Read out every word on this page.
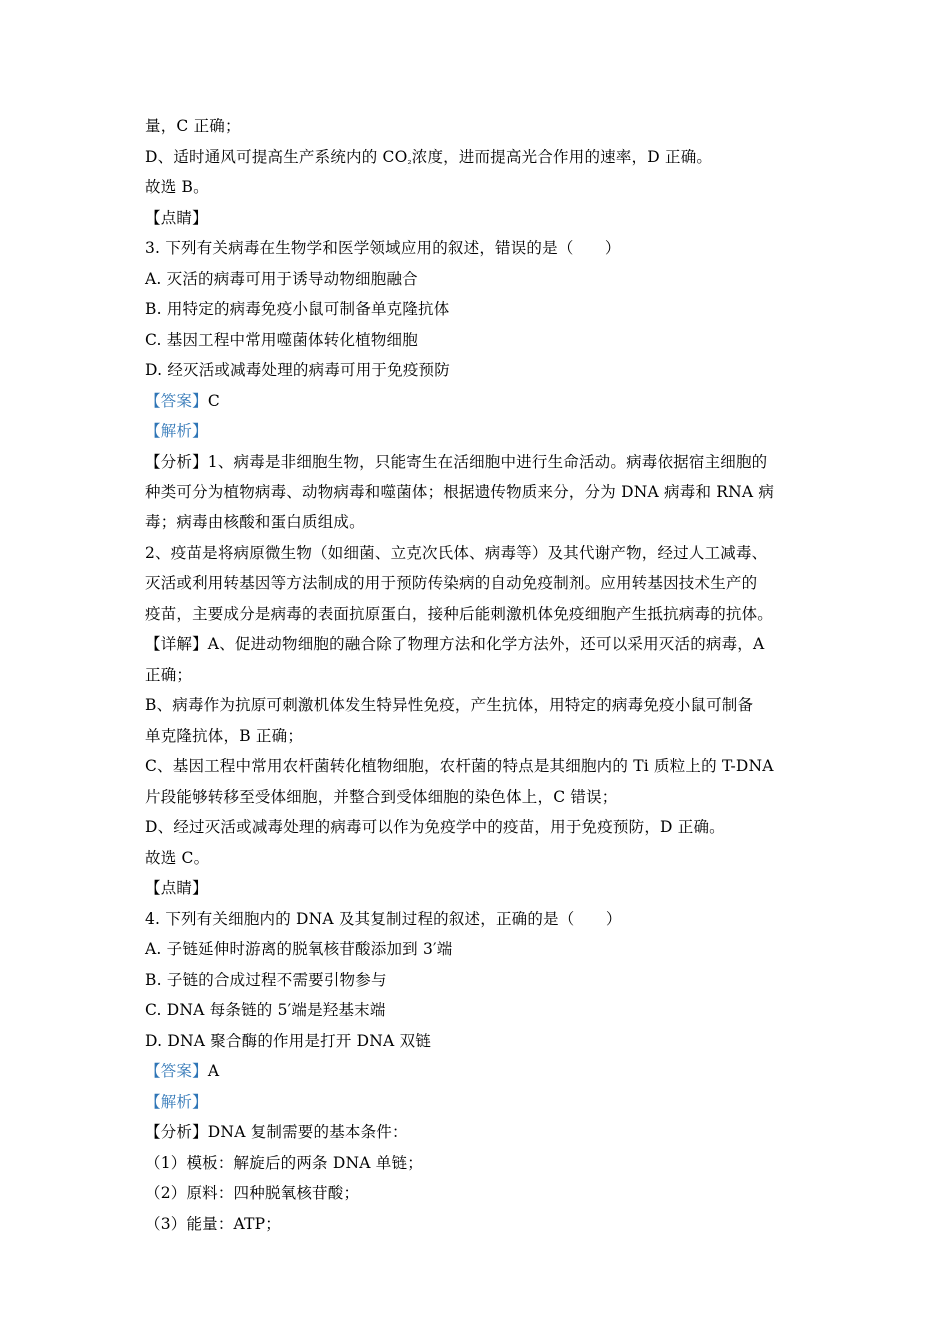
量，C 正确；
D、适时通风可提高生产系统内的 $CO_{_2}$浓度，进而提高光合作用的速率，D 正确。
故选 B。
【点睛】
3. 下列有关病毒在生物学和医学领域应用的叙述，错误的是（　　）
A. 灭活的病毒可用于诱导动物细胞融合
B. 用特定的病毒免疫小鼠可制备单克隆抗体
C. 基因工程中常用噬菌体转化植物细胞
D. 经灭活或减毒处理的病毒可用于免疫预防
【答案】C
【解析】
【分析】1、病毒是非细胞生物，只能寄生在活细胞中进行生命活动。病毒依据宿主细胞的
种类可分为植物病毒、动物病毒和噬菌体；根据遗传物质来分，分为 DNA 病毒和 RNA 病
毒；病毒由核酸和蛋白质组成。
2、疫苗是将病原微生物（如细菌、立克次氏体、病毒等）及其代谢产物，经过人工减毒、
灭活或利用转基因等方法制成的用于预防传染病的自动免疫制剂。应用转基因技术生产的
疫苗，主要成分是病毒的表面抗原蛋白，接种后能刺激机体免疫细胞产生抵抗病毒的抗体。
【详解】A、促进动物细胞的融合除了物理方法和化学方法外，还可以采用灭活的病毒，A
正确；
B、病毒作为抗原可刺激机体发生特异性免疫，产生抗体，用特定的病毒免疫小鼠可制备
单克隆抗体，B 正确；
C、基因工程中常用农杆菌转化植物细胞，农杆菌的特点是其细胞内的 Ti 质粒上的 T-DNA
片段能够转移至受体细胞，并整合到受体细胞的染色体上，C 错误；
D、经过灭活或减毒处理的病毒可以作为免疫学中的疫苗，用于免疫预防，D 正确。
故选 C。
【点睛】
4. 下列有关细胞内的 DNA 及其复制过程的叙述，正确的是（　　）
A. 子链延伸时游离的脱氧核苷酸添加到 3′端
B. 子链的合成过程不需要引物参与
C. DNA 每条链的 5′端是羟基末端
D. DNA 聚合酶的作用是打开 DNA 双链
【答案】A
【解析】
【分析】DNA 复制需要的基本条件：
（1）模板：解旋后的两条 DNA 单链；
（2）原料：四种脱氧核苷酸；
（3）能量：ATP；
